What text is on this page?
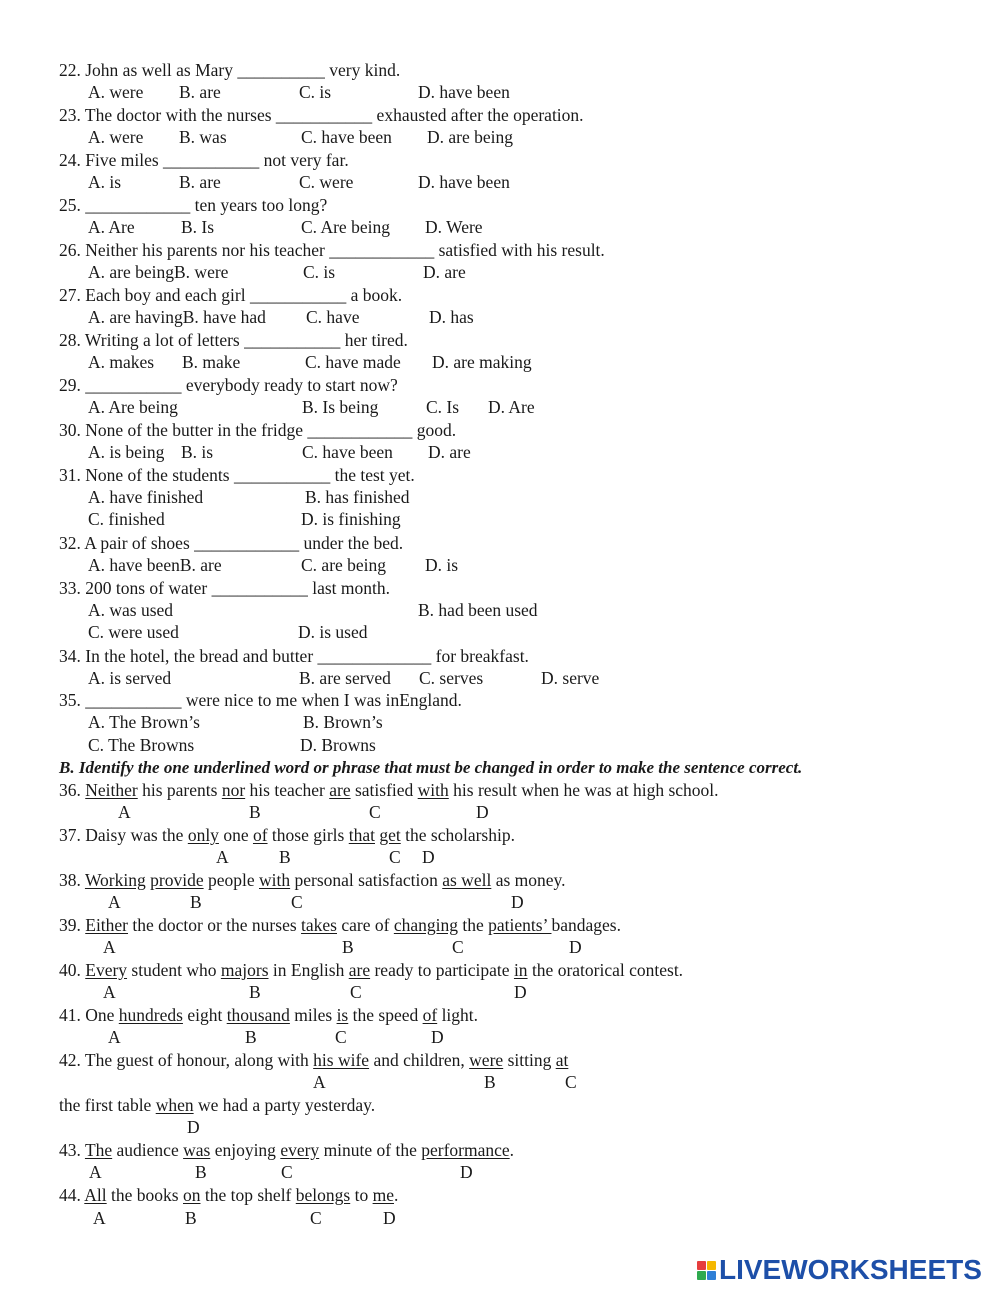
22. John as well as Mary __________ very kind.
A. were B. are	C. is	D. have been
23. The doctor with the nurses ___________ exhausted after the operation.
A. were B. was	C. have been D. are being
24. Five miles ___________ not very far.
A. is	B. are	C. were	D. have been
25. ____________ ten years too long?
A. Are	B. Is	C. Are being D. Were
26. Neither his parents nor his teacher ____________ satisfied with his result.
A. are beingB. were	C. is	D. are
27. Each boy and each girl ___________ a book.
A. are havingB. have had C. have	D. has
28. Writing a lot of letters ___________ her tired.
A. makes B. make	C. have made D. are making
29. ___________ everybody ready to start now?
A. Are being	B. Is being	C. Is D. Are
30. None of the butter in the fridge ____________ good.
A. is being B. is	C. have been D. are
31. None of the students ___________ the test yet.
A. have finished	B. has finished
C. finished	D. is finishing
32. A pair of shoes ____________ under the bed.
A. have beenB. are	C. are being D. is
33. 200 tons of water ___________ last month.
A. was used	B. had been used
C. were used	D. is used
34. In the hotel, the bread and butter _____________ for breakfast.
A. is served	B. are served C. serves	D. serve
35. ___________ were nice to me when I was inEngland.
A. The Brown’s	B. Brown’s
C. The Browns	D. Browns
B. Identify the one underlined word or phrase that must be changed in order to make the sentence correct.
36. Neither his parents nor his teacher are satisfied with his result when he was at high school.
A	B	C	D
37. Daisy was the only one of those girls that get the scholarship.
A	B	C D
38. Working provide people with personal satisfaction as well as money.
A	B	C	D
39. Either the doctor or the nurses takes care of changing the patients’ bandages.
A	B	C	D
40. Every student who majors in English are ready to participate in the oratorical contest.
A	B	C	D
41. One hundreds eight thousand miles is the speed of light.
A	B	C	D
42. The guest of honour, along with his wife and children, were sitting at
A	B	C
the first table when we had a party yesterday.
D
43. The audience was enjoying every minute of the performance.
A	B	C	D
44. All the books on the top shelf belongs to me.
A	B	C	D
LIVEWORKSHEETS
